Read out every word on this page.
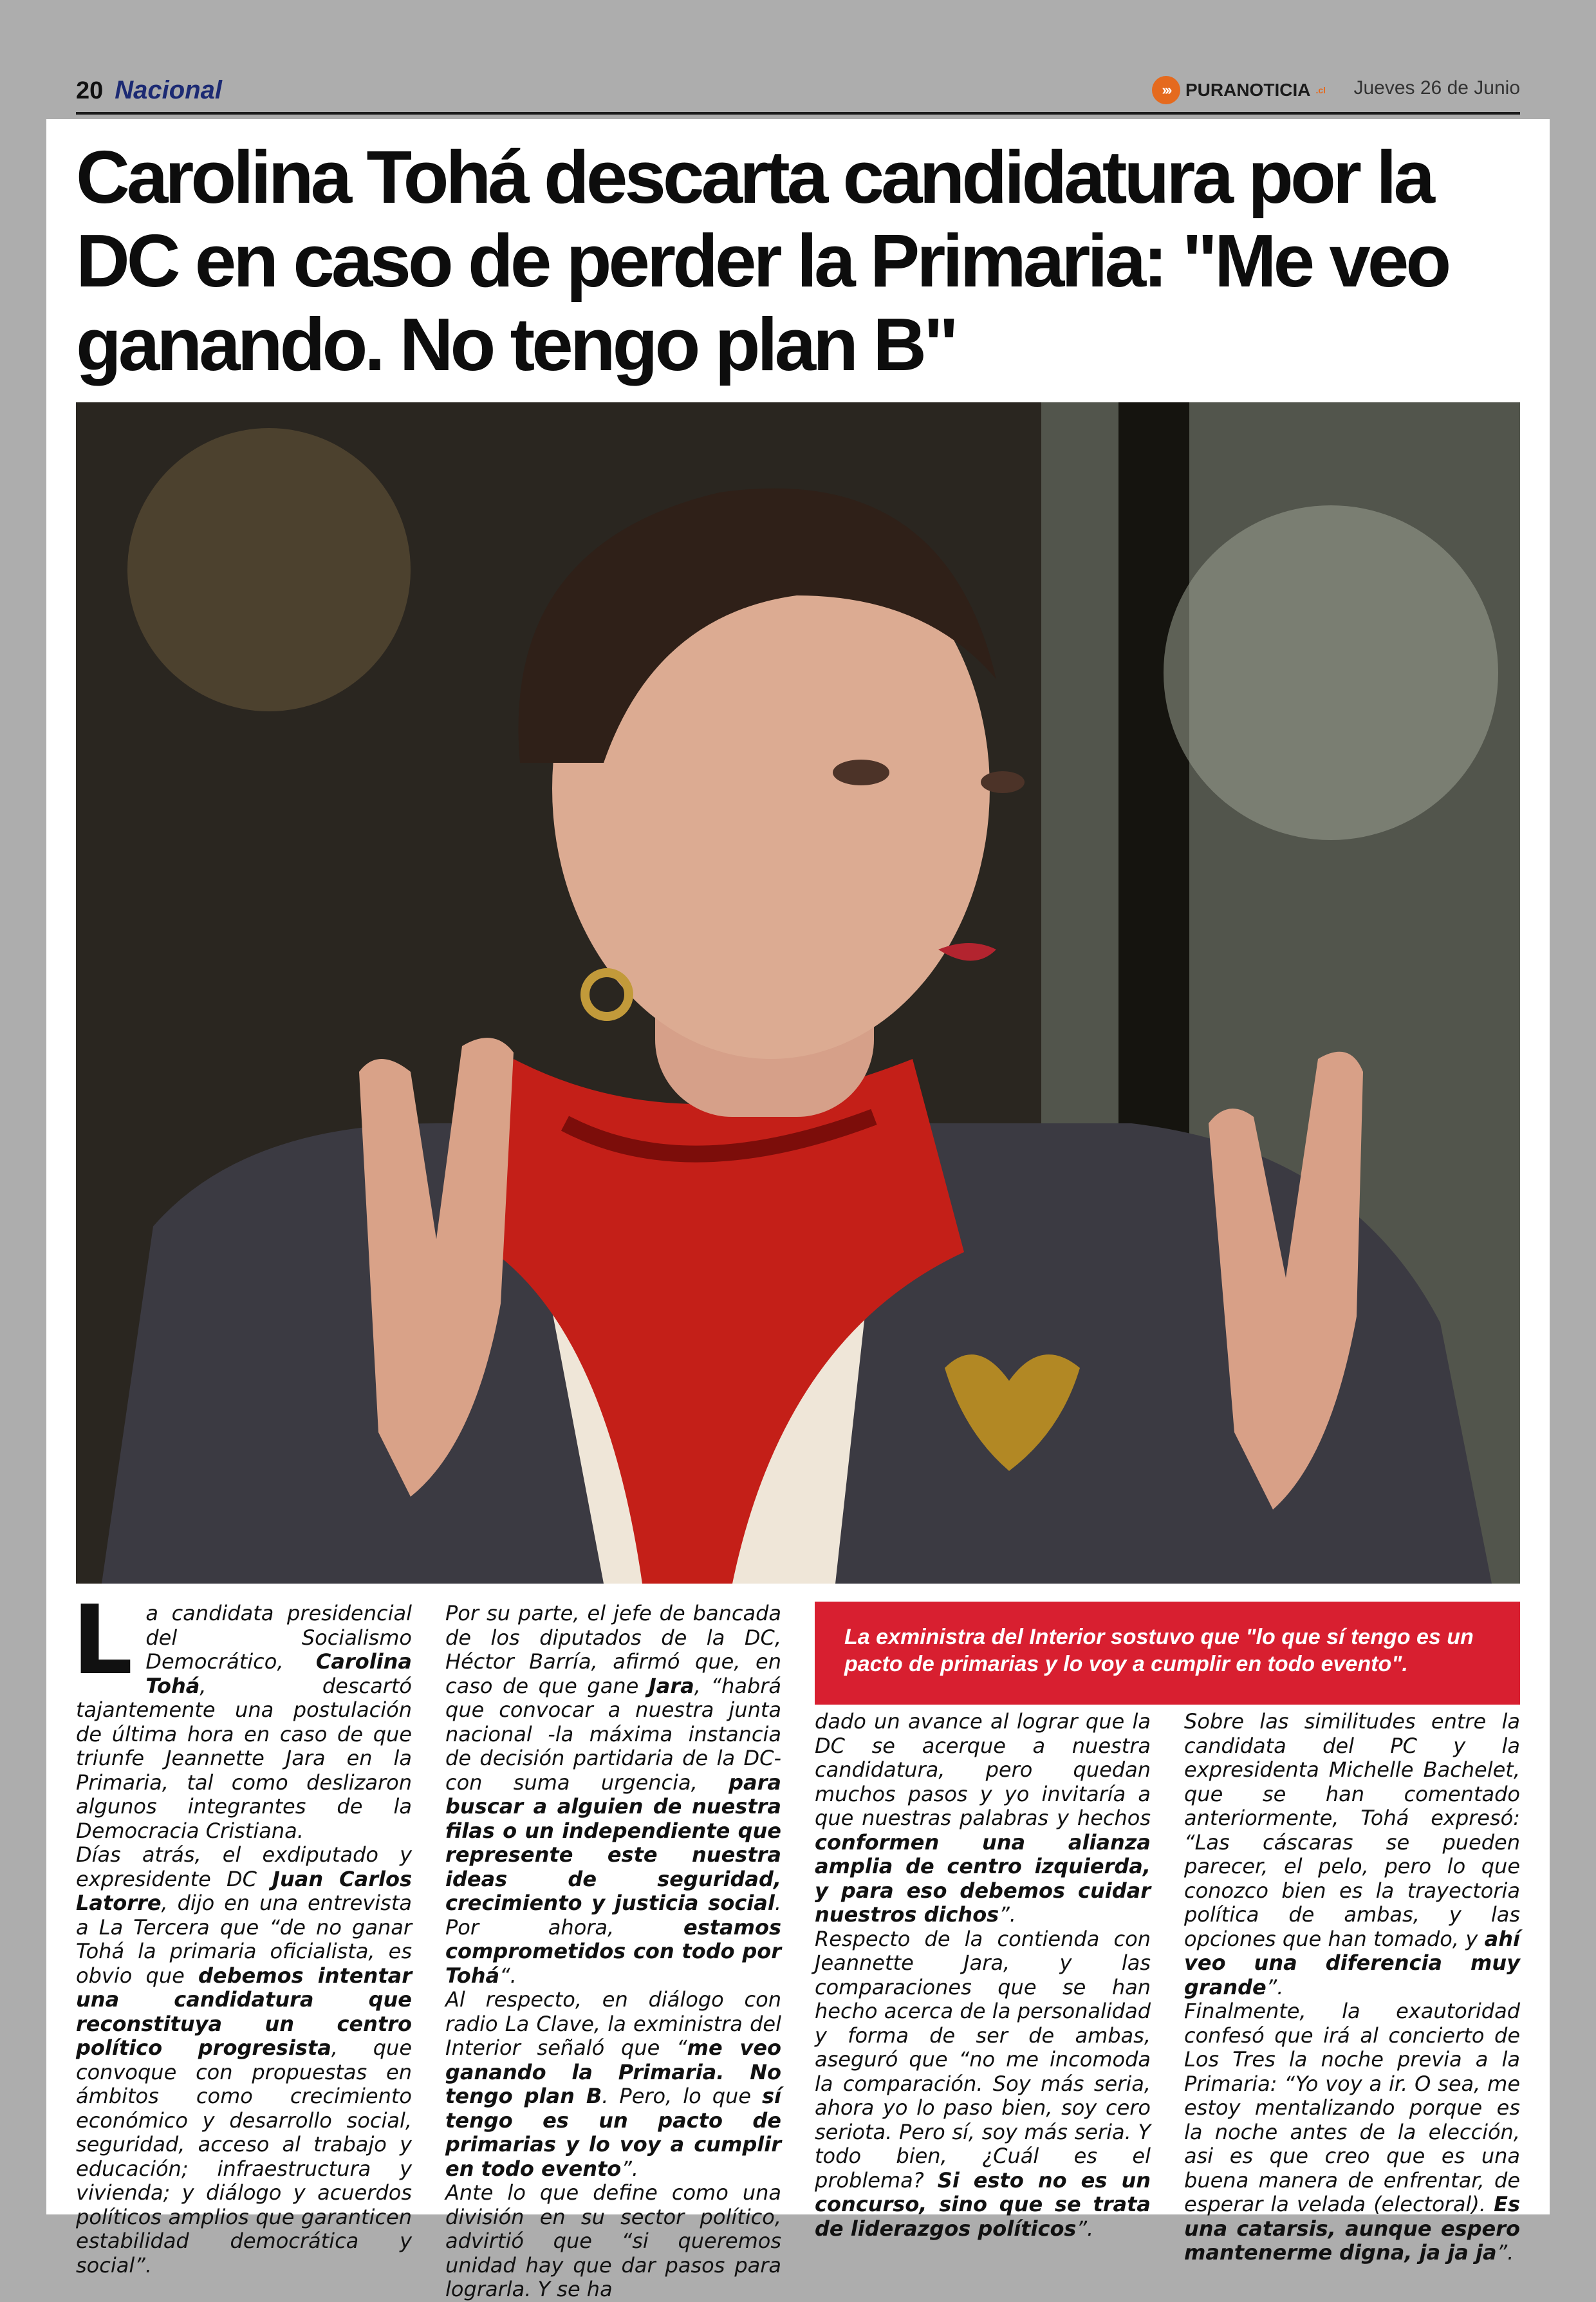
20 Nacional	››› PURANOTICIA .cl Jueves 26 de Junio
Carolina Tohá descarta candidatura por la DC en caso de perder la Primaria: "Me veo ganando. No tengo plan B"
L a candidata presidencial del Socialismo Democrático, Carolina Tohá, descartó tajantemente una postulación de última hora en caso de que triunfe Jeannette Jara en la Primaria, tal como deslizaron algunos integrantes de la Democracia Cristiana.

Días atrás, el exdiputado y expresidente DC Juan Carlos Latorre, dijo en una entrevista a La Tercera que “de no ganar Tohá la primaria oficialista, es obvio que debemos intentar una candidatura que reconstituya un centro político progresista, que convoque con propuestas en ámbitos como crecimiento económico y desarrollo social, seguridad, acceso al trabajo y educación; infraestructura y vivienda; y diálogo y acuerdos políticos amplios que garanticen estabilidad democrática y social”.

Por su parte, el jefe de bancada de los diputados de la DC, Héctor Barría, afirmó que, en caso de que gane Jara, “habrá que convocar a nuestra junta nacional -la máxima instancia de decisión partidaria de la DC- con suma urgencia, para buscar a alguien de nuestra filas o un independiente que represente este nuestra ideas de seguridad, crecimiento y justicia social. Por ahora, estamos comprometidos con todo por Tohá“.

Al respecto, en diálogo con radio La Clave, la exministra del Interior señaló que “me veo ganando la Primaria. No tengo plan B. Pero, lo que sí tengo es un pacto de primarias y lo voy a cumplir en todo evento”.

Ante lo que define como una división en su sector político, advirtió que “si queremos unidad hay que dar pasos para lograrla. Y se ha

La exministra del Interior sostuvo que "lo que sí tengo es un pacto de primarias y lo voy a cumplir en todo evento".

dado un avance al lograr que la DC se acerque a nuestra candidatura, pero quedan muchos pasos y yo invitaría a que nuestras palabras y hechos conformen una alianza amplia de centro izquierda, y para eso debemos cuidar nuestros dichos”.

Respecto de la contienda con Jeannette Jara, y las comparaciones que se han hecho acerca de la personalidad y forma de ser de ambas, aseguró que “no me incomoda la comparación. Soy más seria, ahora yo lo paso bien, soy cero seriota. Pero sí, soy más seria. Y todo bien, ¿Cuál es el problema? Si esto no es un concurso, sino que se trata de liderazgos políticos”.

Sobre las similitudes entre la candidata del PC y la expresidenta Michelle Bachelet, que se han comentado anteriormente, Tohá expresó: “Las cáscaras se pueden parecer, el pelo, pero lo que conozco bien es la trayectoria política de ambas, y las opciones que han tomado, y ahí veo una diferencia muy grande”.

Finalmente, la exautoridad confesó que irá al concierto de Los Tres la noche previa a la Primaria: “Yo voy a ir. O sea, me estoy mentalizando porque es la noche antes de la elección, asi es que creo que es una buena manera de enfrentar, de esperar la velada (electoral). Es una catarsis, aunque espero mantenerme digna, ja ja ja”.
